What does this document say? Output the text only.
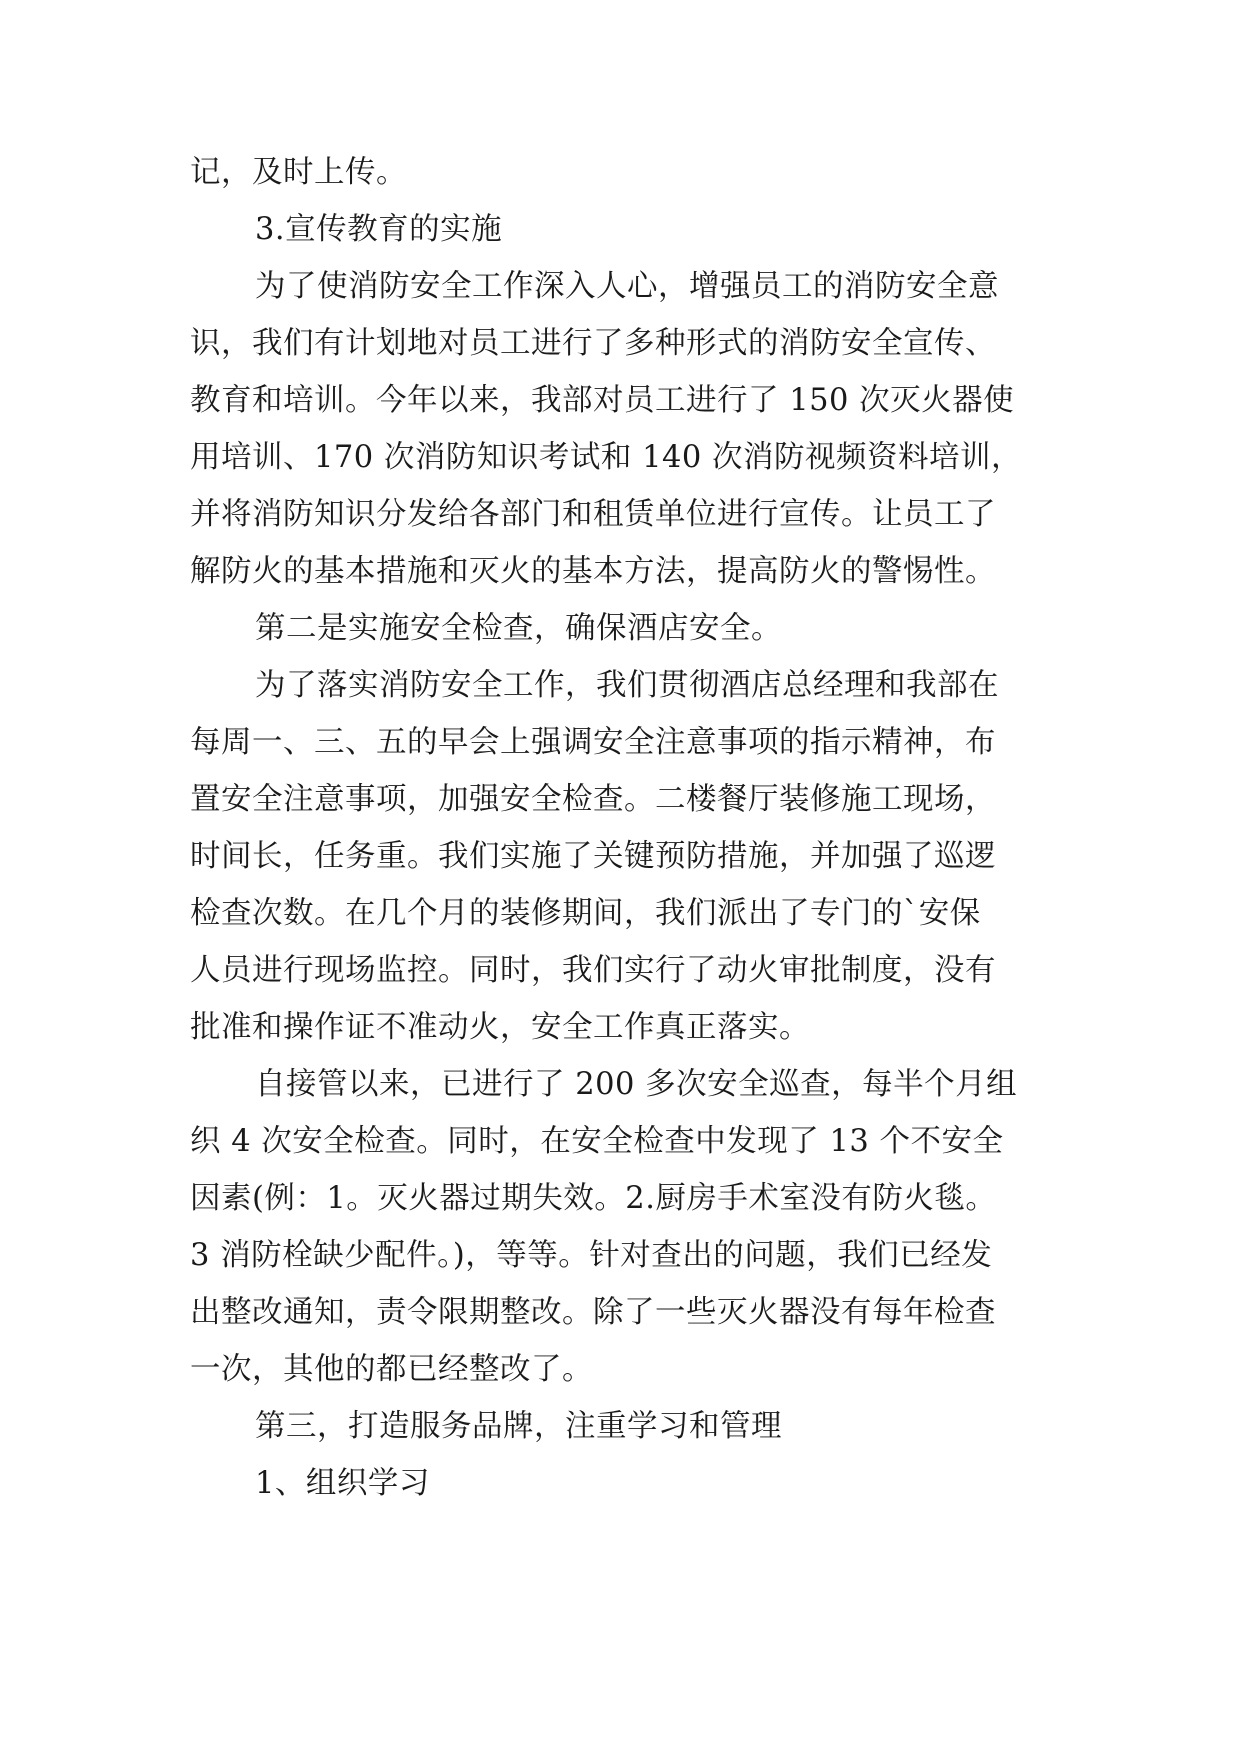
记，及时上传。
3.宣传教育的实施
为了使消防安全工作深入人心，增强员工的消防安全意
识，我们有计划地对员工进行了多种形式的消防安全宣传、
教育和培训。今年以来，我部对员工进行了 150 次灭火器使
用培训、170 次消防知识考试和 140 次消防视频资料培训，
并将消防知识分发给各部门和租赁单位进行宣传。让员工了
解防火的基本措施和灭火的基本方法，提高防火的警惕性。
第二是实施安全检查，确保酒店安全。
为了落实消防安全工作，我们贯彻酒店总经理和我部在
每周一、三、五的早会上强调安全注意事项的指示精神，布
置安全注意事项，加强安全检查。二楼餐厅装修施工现场，
时间长，任务重。我们实施了关键预防措施，并加强了巡逻
检查次数。在几个月的装修期间，我们派出了专门的`安保
人员进行现场监控。同时，我们实行了动火审批制度，没有
批准和操作证不准动火，安全工作真正落实。
自接管以来，已进行了 200 多次安全巡查，每半个月组
织 4 次安全检查。同时，在安全检查中发现了 13 个不安全
因素(例：1。灭火器过期失效。2.厨房手术室没有防火毯。
3 消防栓缺少配件。)，等等。针对查出的问题，我们已经发
出整改通知，责令限期整改。除了一些灭火器没有每年检查
一次，其他的都已经整改了。
第三，打造服务品牌，注重学习和管理
1、组织学习
